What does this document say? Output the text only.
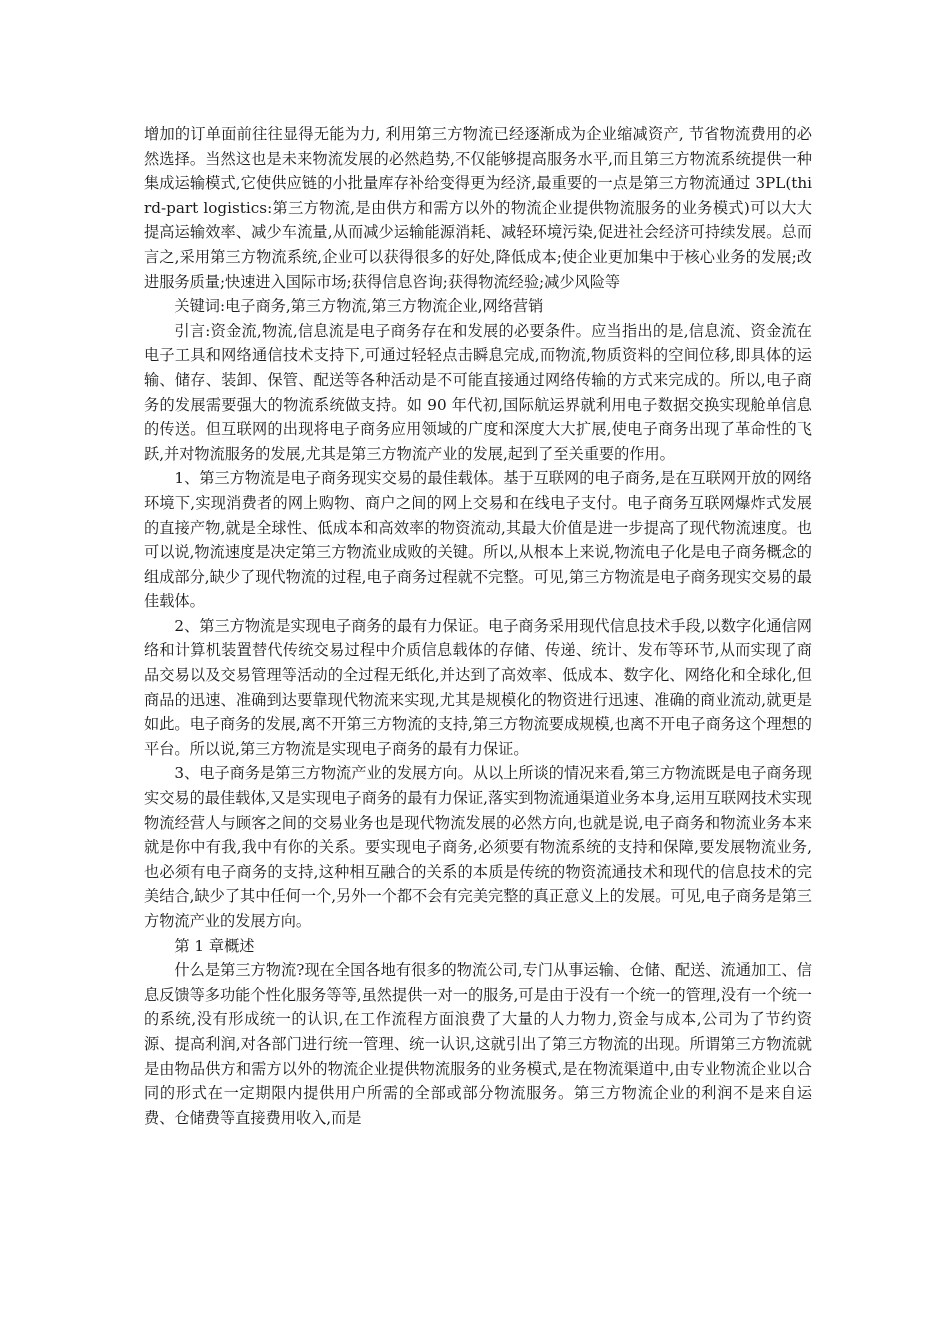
增加的订单面前往往显得无能为力, 利用第三方物流已经逐渐成为企业缩减资产, 节省物流费用的必然选择。当然这也是未来物流发展的必然趋势,不仅能够提高服务水平,而且第三方物流系统提供一种集成运输模式,它使供应链的小批量库存补给变得更为经济,最重要的一点是第三方物流通过 3PL(third-part logistics:第三方物流,是由供方和需方以外的物流企业提供物流服务的业务模式)可以大大提高运输效率、减少车流量,从而减少运输能源消耗、减轻环境污染,促进社会经济可持续发展。总而言之,采用第三方物流系统,企业可以获得很多的好处,降低成本;使企业更加集中于核心业务的发展;改进服务质量;快速进入国际市场;获得信息咨询;获得物流经验;减少风险等

关键词:电子商务,第三方物流,第三方物流企业,网络营销

引言:资金流,物流,信息流是电子商务存在和发展的必要条件。应当指出的是,信息流、资金流在电子工具和网络通信技术支持下,可通过轻轻点击瞬息完成,而物流,物质资料的空间位移,即具体的运输、储存、装卸、保管、配送等各种活动是不可能直接通过网络传输的方式来完成的。所以,电子商务的发展需要强大的物流系统做支持。如 90 年代初,国际航运界就利用电子数据交换实现舱单信息的传送。但互联网的出现将电子商务应用领域的广度和深度大大扩展,使电子商务出现了革命性的飞跃,并对物流服务的发展,尤其是第三方物流产业的发展,起到了至关重要的作用。

1、第三方物流是电子商务现实交易的最佳载体。基于互联网的电子商务,是在互联网开放的网络环境下,实现消费者的网上购物、商户之间的网上交易和在线电子支付。电子商务互联网爆炸式发展的直接产物,就是全球性、低成本和高效率的物资流动,其最大价值是进一步提高了现代物流速度。也可以说,物流速度是决定第三方物流业成败的关键。所以,从根本上来说,物流电子化是电子商务概念的组成部分,缺少了现代物流的过程,电子商务过程就不完整。可见,第三方物流是电子商务现实交易的最佳载体。

2、第三方物流是实现电子商务的最有力保证。电子商务采用现代信息技术手段,以数字化通信网络和计算机装置替代传统交易过程中介质信息载体的存储、传递、统计、发布等环节,从而实现了商品交易以及交易管理等活动的全过程无纸化,并达到了高效率、低成本、数字化、网络化和全球化,但商品的迅速、准确到达要靠现代物流来实现,尤其是规模化的物资进行迅速、准确的商业流动,就更是如此。电子商务的发展,离不开第三方物流的支持,第三方物流要成规模,也离不开电子商务这个理想的平台。所以说,第三方物流是实现电子商务的最有力保证。

3、电子商务是第三方物流产业的发展方向。从以上所谈的情况来看,第三方物流既是电子商务现实交易的最佳载体,又是实现电子商务的最有力保证,落实到物流通渠道业务本身,运用互联网技术实现物流经营人与顾客之间的交易业务也是现代物流发展的必然方向,也就是说,电子商务和物流业务本来就是你中有我,我中有你的关系。要实现电子商务,必须要有物流系统的支持和保障,要发展物流业务,也必须有电子商务的支持,这种相互融合的关系的本质是传统的物资流通技术和现代的信息技术的完美结合,缺少了其中任何一个,另外一个都不会有完美完整的真正意义上的发展。可见,电子商务是第三方物流产业的发展方向。

第 1 章概述

什么是第三方物流?现在全国各地有很多的物流公司,专门从事运输、仓储、配送、流通加工、信息反馈等多功能个性化服务等等,虽然提供一对一的服务,可是由于没有一个统一的管理,没有一个统一的系统,没有形成统一的认识,在工作流程方面浪费了大量的人力物力,资金与成本,公司为了节约资源、提高利润,对各部门进行统一管理、统一认识,这就引出了第三方物流的出现。所谓第三方物流就是由物品供方和需方以外的物流企业提供物流服务的业务模式,是在物流渠道中,由专业物流企业以合同的形式在一定期限内提供用户所需的全部或部分物流服务。第三方物流企业的利润不是来自运费、仓储费等直接费用收入,而是
